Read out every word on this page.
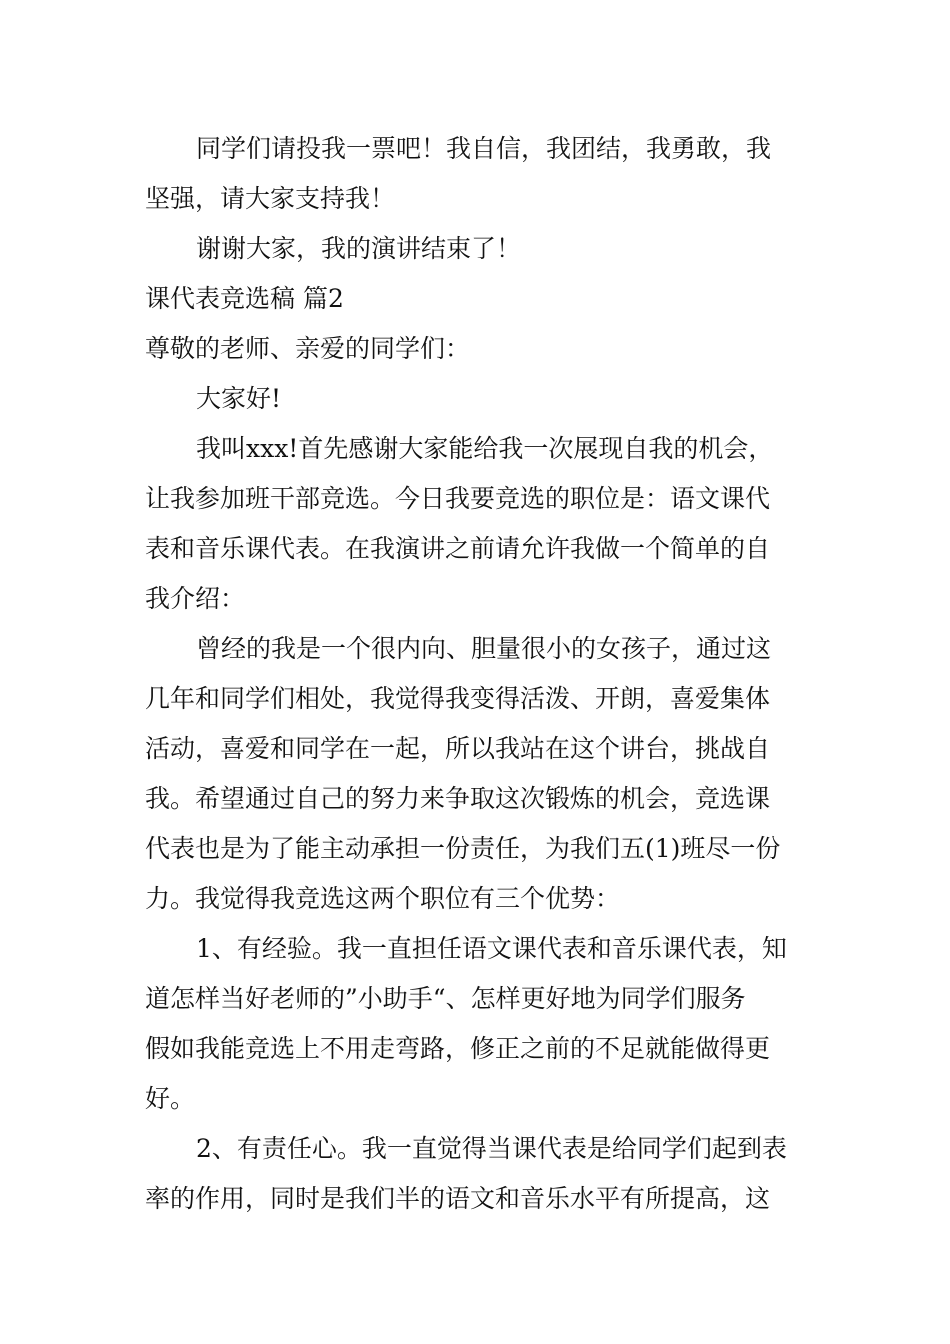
同学们请投我一票吧！我自信，我团结，我勇敢，我
坚强，请大家支持我！
谢谢大家，我的演讲结束了！
课代表竞选稿 篇2
尊敬的老师、亲爱的同学们：
大家好!
我叫xxx!首先感谢大家能给我一次展现自我的机会，
让我参加班干部竞选。今日我要竞选的职位是：语文课代
表和音乐课代表。在我演讲之前请允许我做一个简单的自
我介绍：
曾经的我是一个很内向、胆量很小的女孩子，通过这
几年和同学们相处，我觉得我变得活泼、开朗，喜爱集体
活动，喜爱和同学在一起，所以我站在这个讲台，挑战自
我。希望通过自己的努力来争取这次锻炼的机会，竞选课
代表也是为了能主动承担一份责任，为我们五(1)班尽一份
力。我觉得我竞选这两个职位有三个优势：
1、有经验。我一直担任语文课代表和音乐课代表，知
道怎样当好老师的”小助手“、怎样更好地为同学们服务
假如我能竞选上不用走弯路，修正之前的不足就能做得更
好。
2、有责任心。我一直觉得当课代表是给同学们起到表
率的作用，同时是我们半的语文和音乐水平有所提高，这
